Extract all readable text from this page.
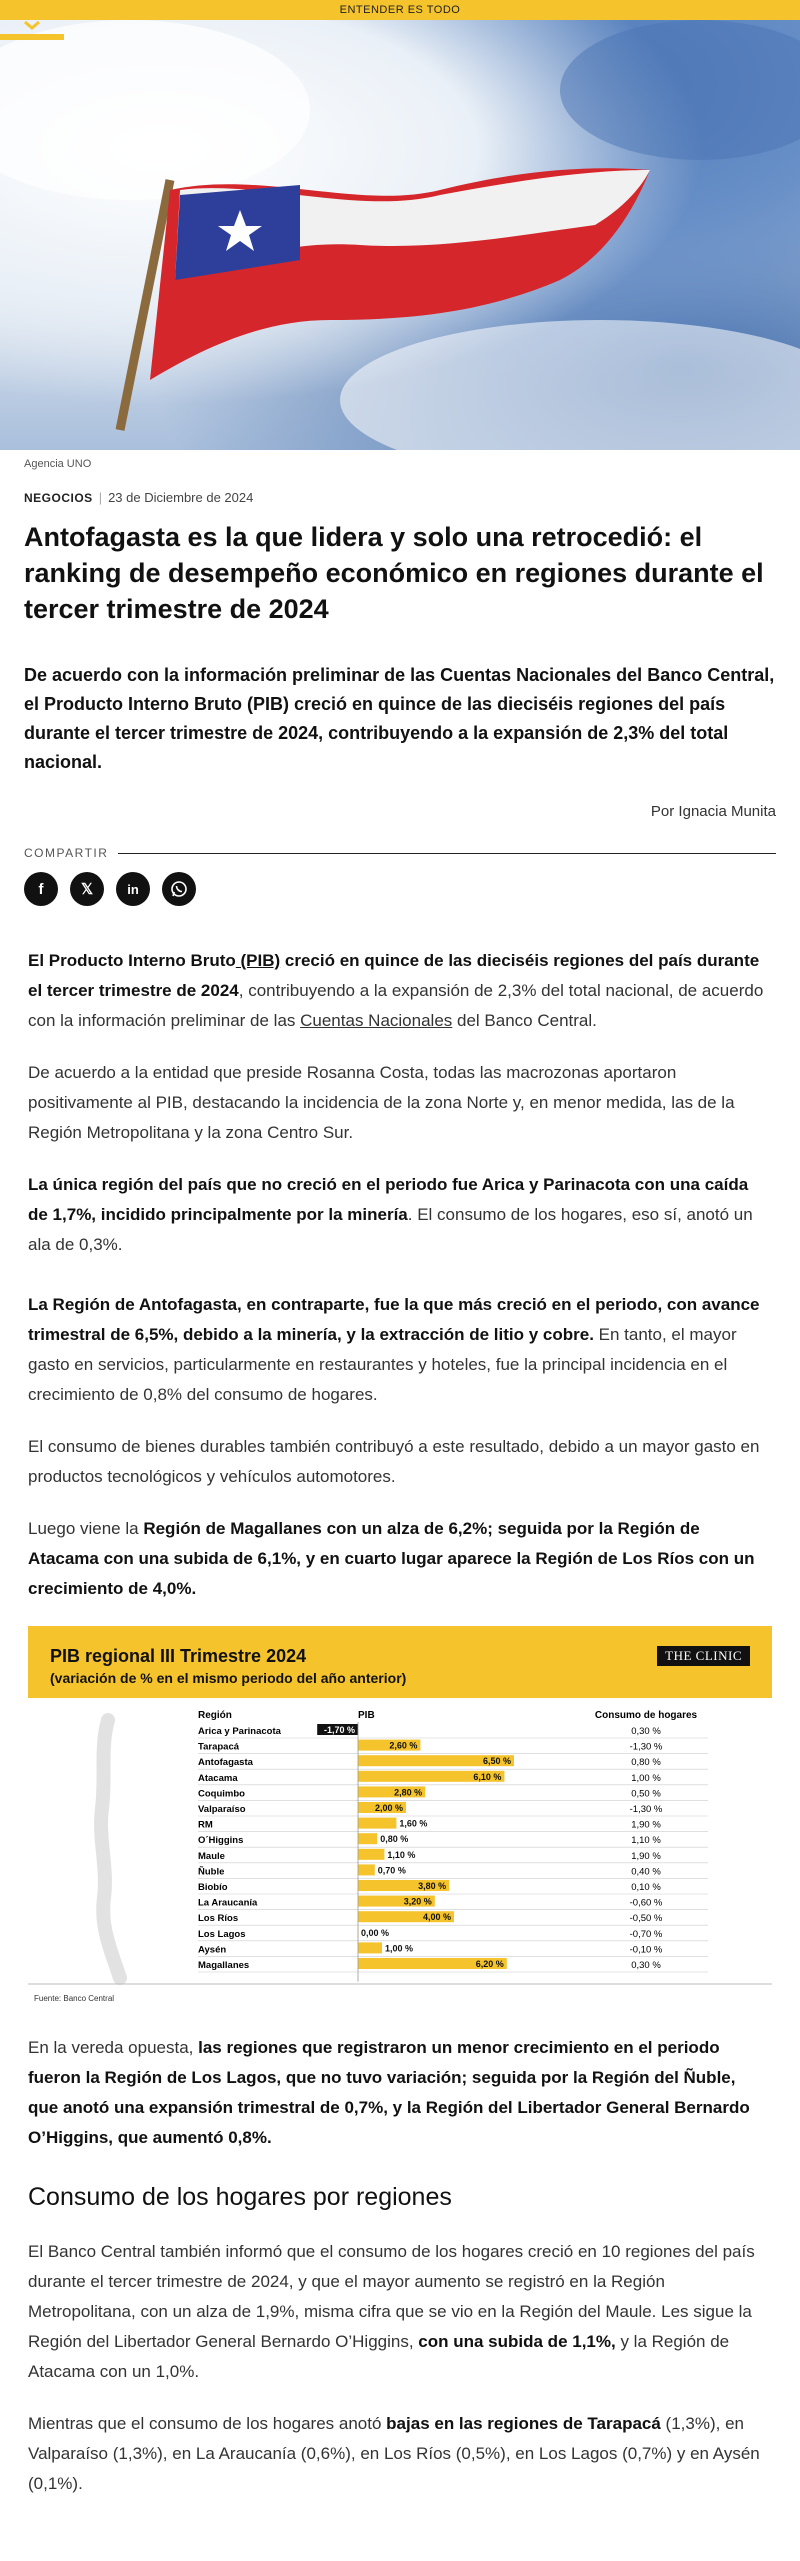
ENTENDER ES TODO
Agencia UNO
NEGOCIOS | 23 de Diciembre de 2024
Antofagasta es la que lidera y solo una retrocedió: el ranking de desempeño económico en regiones durante el tercer trimestre de 2024
De acuerdo con la información preliminar de las Cuentas Nacionales del Banco Central, el Producto Interno Bruto (PIB) creció en quince de las dieciséis regiones del país durante el tercer trimestre de 2024, contribuyendo a la expansión de 2,3% del total nacional.
Por Ignacia Munita
COMPARTIR
f	𝕏	in

El Producto Interno Bruto (PIB) creció en quince de las dieciséis regiones del país durante el tercer trimestre de 2024, contribuyendo a la expansión de 2,3% del total nacional, de acuerdo con la información preliminar de las Cuentas Nacionales del Banco Central.

De acuerdo a la entidad que preside Rosanna Costa, todas las macrozonas aportaron positivamente al PIB, destacando la incidencia de la zona Norte y, en menor medida, las de la Región Metropolitana y la zona Centro Sur.

La única región del país que no creció en el periodo fue Arica y Parinacota con una caída de 1,7%, incidido principalmente por la minería. El consumo de los hogares, eso sí, anotó un ala de 0,3%.

La Región de Antofagasta, en contraparte, fue la que más creció en el periodo, con avance trimestral de 6,5%, debido a la minería, y la extracción de litio y cobre. En tanto, el mayor gasto en servicios, particularmente en restaurantes y hoteles, fue la principal incidencia en el crecimiento de 0,8% del consumo de hogares.

El consumo de bienes durables también contribuyó a este resultado, debido a un mayor gasto en productos tecnológicos y vehículos automotores.

Luego viene la Región de Magallanes con un alza de 6,2%; seguida por la Región de Atacama con una subida de 6,1%, y en cuarto lugar aparece la Región de Los Ríos con un crecimiento de 4,0%.

PIB regional III Trimestre 2024
(variación de % en el mismo periodo del año anterior)
THE CLINIC
Región	PIB	Consumo de hogares
Arica y Parinacota	-1,70 %	0,30 %
Tarapacá	2,60 %	-1,30 %
Antofagasta	6,50 %	0,80 %
Atacama	6,10 %	1,00 %
Coquimbo	2,80 %	0,50 %
Valparaíso	2,00 %	-1,30 %
RM	1,60 %	1,90 %
O´Higgins	0,80 %	1,10 %
Maule	1,10 %	1,90 %
Ñuble	0,70 %	0,40 %
Biobío	3,80 %	0,10 %
La Araucanía	3,20 %	-0,60 %
Los Ríos	4,00 %	-0,50 %
Los Lagos	0,00 %	-0,70 %
Aysén	1,00 %	-0,10 %
Magallanes	6,20 %	0,30 %
Fuente: Banco Central

En la vereda opuesta, las regiones que registraron un menor crecimiento en el periodo fueron la Región de Los Lagos, que no tuvo variación; seguida por la Región del Ñuble, que anotó una expansión trimestral de 0,7%, y la Región del Libertador General Bernardo O’Higgins, que aumentó 0,8%.

Consumo de los hogares por regiones

El Banco Central también informó que el consumo de los hogares creció en 10 regiones del país durante el tercer trimestre de 2024, y que el mayor aumento se registró en la Región Metropolitana, con un alza de 1,9%, misma cifra que se vio en la Región del Maule. Les sigue la Región del Libertador General Bernardo O’Higgins, con una subida de 1,1%, y la Región de Atacama con un 1,0%.

Mientras que el consumo de los hogares anotó bajas en las regiones de Tarapacá (1,3%), en Valparaíso (1,3%), en La Araucanía (0,6%), en Los Ríos (0,5%), en Los Lagos (0,7%) y en Aysén (0,1%).
